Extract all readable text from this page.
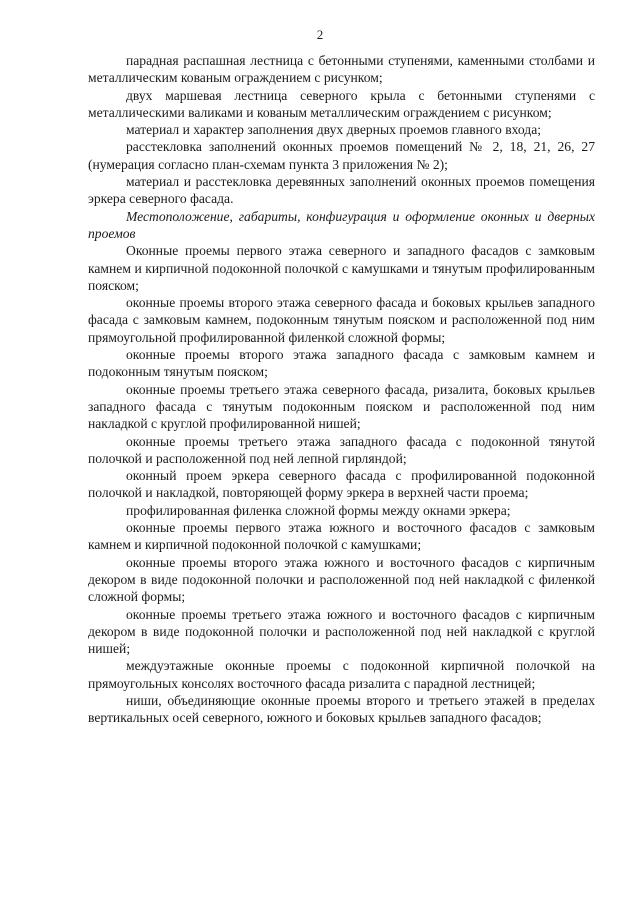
2

парадная распашная лестница с бетонными ступенями, каменными столбами и металлическим кованым ограждением с рисунком;

двух маршевая лестница северного крыла с бетонными ступенями с металлическими валиками и кованым металлическим ограждением с рисунком;

материал и характер заполнения двух дверных проемов главного входа;

расстекловка заполнений оконных проемов помещений № 2, 18, 21, 26, 27 (нумерация согласно план-схемам пункта 3 приложения № 2);

материал и расстекловка деревянных заполнений оконных проемов помещения эркера северного фасада.

Местоположение, габариты, конфигурация и оформление оконных и дверных проемов

Оконные проемы первого этажа северного и западного фасадов с замковым камнем и кирпичной подоконной полочкой с камушками и тянутым профилированным пояском;

оконные проемы второго этажа северного фасада и боковых крыльев западного фасада с замковым камнем, подоконным тянутым пояском и расположенной под ним прямоугольной профилированной филенкой сложной формы;

оконные проемы второго этажа западного фасада с замковым камнем и подоконным тянутым пояском;

оконные проемы третьего этажа северного фасада, ризалита, боковых крыльев западного фасада с тянутым подоконным пояском и расположенной под ним накладкой с круглой профилированной нишей;

оконные проемы третьего этажа западного фасада с подоконной тянутой полочкой и расположенной под ней лепной гирляндой;

оконный проем эркера северного фасада с профилированной подоконной полочкой и накладкой, повторяющей форму эркера в верхней части проема;

профилированная филенка сложной формы между окнами эркера;

оконные проемы первого этажа южного и восточного фасадов с замковым камнем и кирпичной подоконной полочкой с камушками;

оконные проемы второго этажа южного и восточного фасадов с кирпичным декором в виде подоконной полочки и расположенной под ней накладкой с филенкой сложной формы;

оконные проемы третьего этажа южного и восточного фасадов с кирпичным декором в виде подоконной полочки и расположенной под ней накладкой с круглой нишей;

междуэтажные оконные проемы с подоконной кирпичной полочкой на прямоугольных консолях восточного фасада ризалита с парадной лестницей;

ниши, объединяющие оконные проемы второго и третьего этажей в пределах вертикальных осей северного, южного и боковых крыльев западного фасадов;
